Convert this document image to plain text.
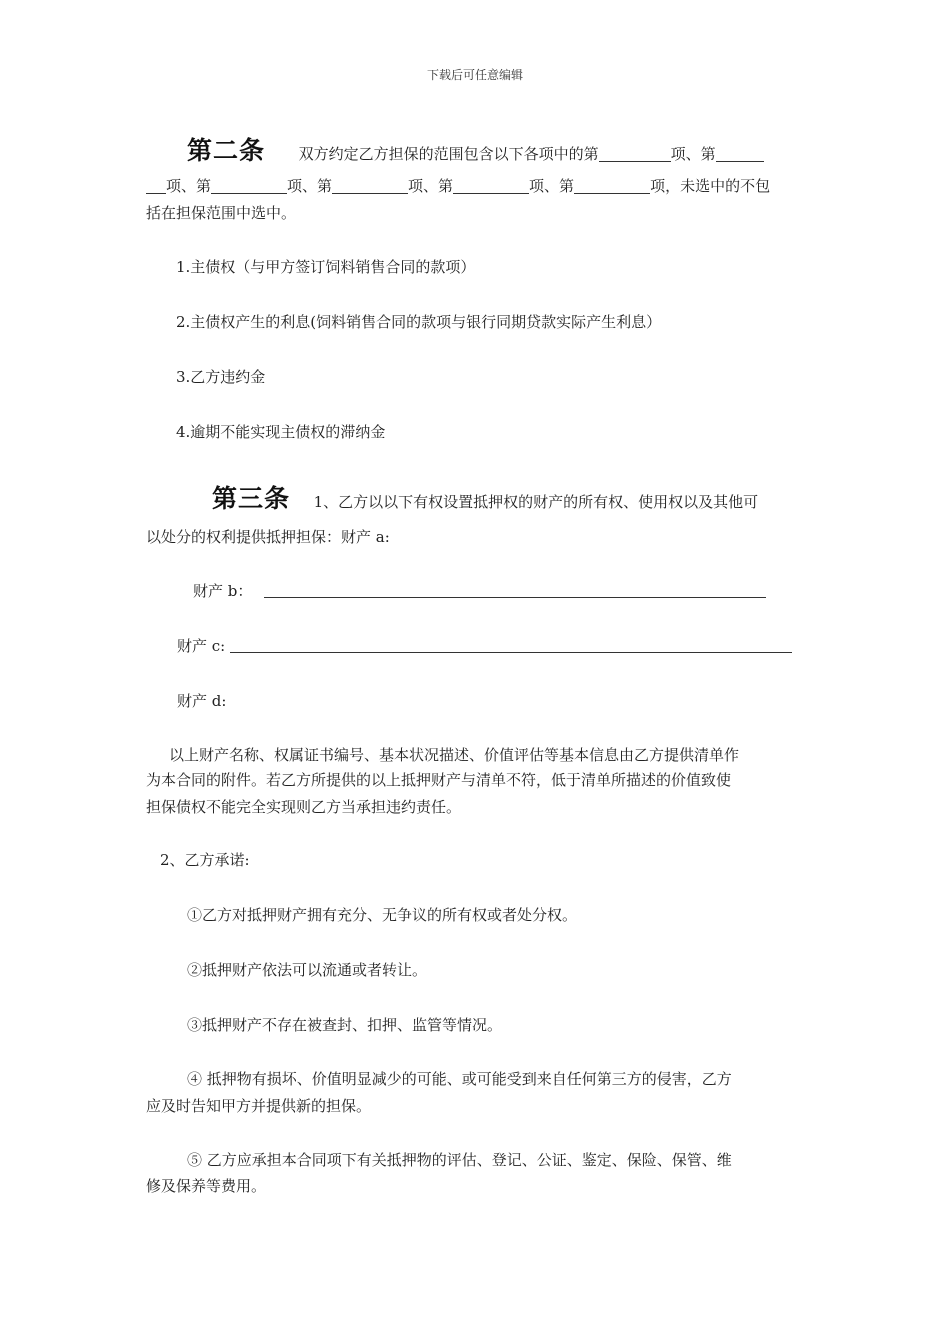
下载后可任意编辑
第二条 双方约定乙方担保的范围包含以下各项中的第	项、第
项、第	项、第	项、第	项、第	项，未选中的不包
括在担保范围中选中。
1.主债权（与甲方签订饲料销售合同的款项）
2.主债权产生的利息(饲料销售合同的款项与银行同期贷款实际产生利息）
3.乙方违约金
4.逾期不能实现主债权的滞纳金
第三条 1、乙方以以下有权设置抵押权的财产的所有权、使用权以及其他可
以处分的权利提供抵押担保：财产 a:
财产 b：
财产 c:
财产 d:
以上财产名称、权属证书编号、基本状况描述、价值评估等基本信息由乙方提供清单作
为本合同的附件。若乙方所提供的以上抵押财产与清单不符，低于清单所描述的价值致使
担保债权不能完全实现则乙方当承担违约责任。
2、乙方承诺:
①乙方对抵押财产拥有充分、无争议的所有权或者处分权。
②抵押财产依法可以流通或者转让。
③抵押财产不存在被查封、扣押、监管等情况。
④ 抵押物有损坏、价值明显减少的可能、或可能受到来自任何第三方的侵害，乙方
应及时告知甲方并提供新的担保。
⑤ 乙方应承担本合同项下有关抵押物的评估、登记、公证、鉴定、保险、保管、维
修及保养等费用。
